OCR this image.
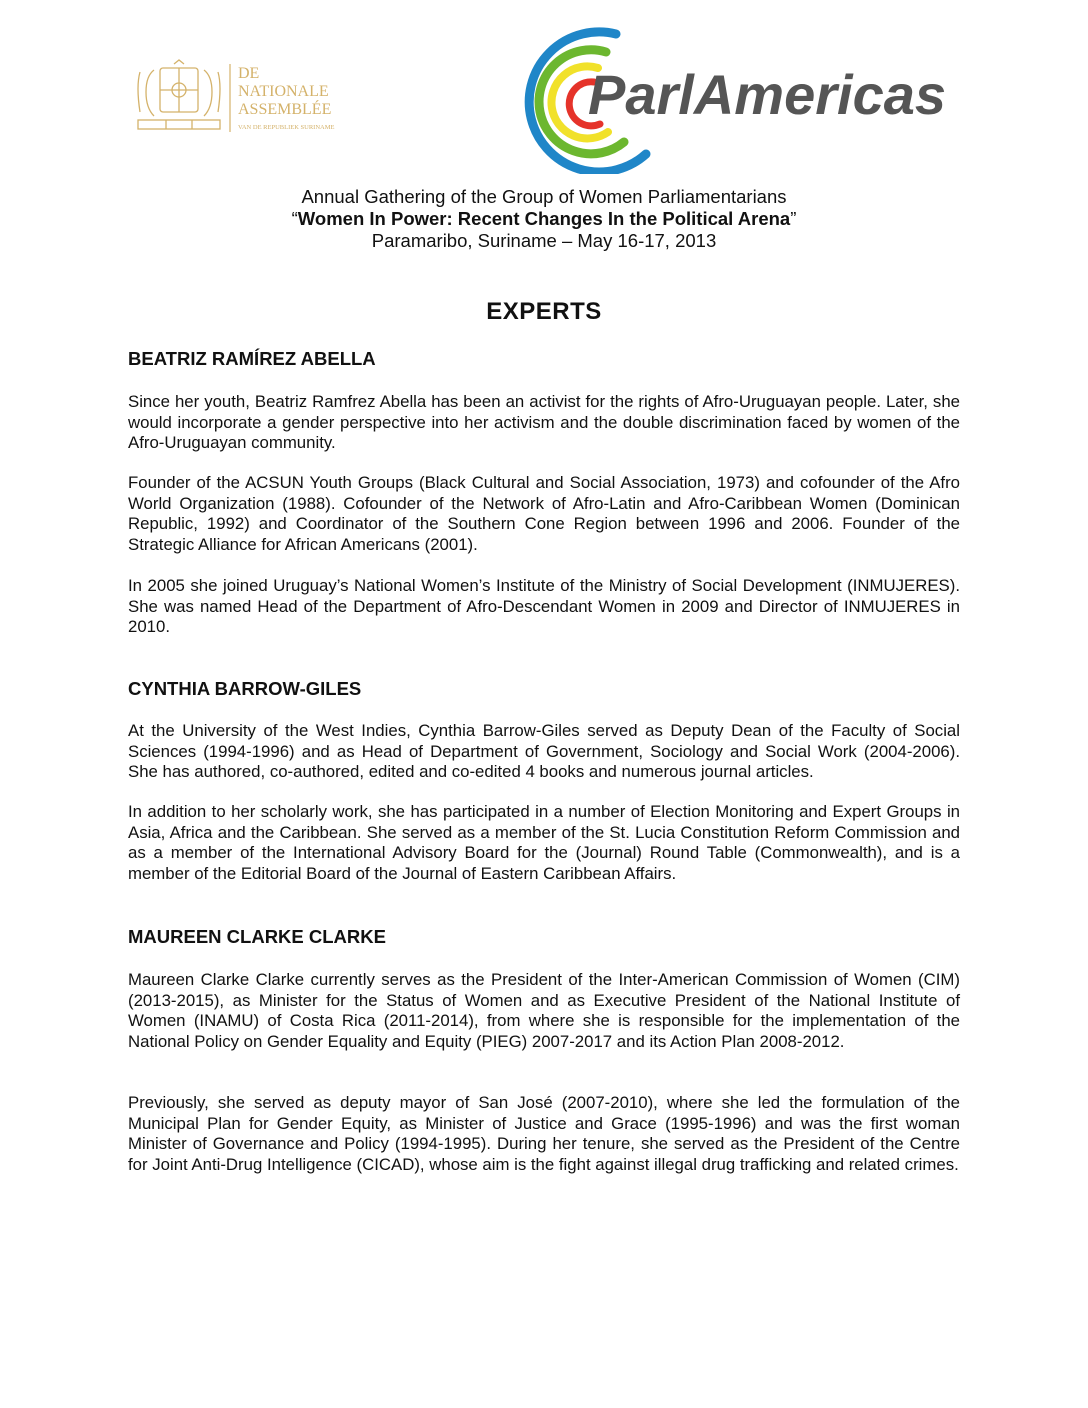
DE
NATIONALE
ASSEMBLÉE
VAN DE REPUBLIEK SURINAME
ParlAmericas
Annual Gathering of the Group of Women Parliamentarians
“Women In Power: Recent Changes In the Political Arena”
Paramaribo, Suriname – May 16-17, 2013
EXPERTS
BEATRIZ RAMÍREZ ABELLA

Since her youth, Beatriz Ramfrez Abella has been an activist for the rights of Afro-Uruguayan people. Later, she would incorporate a gender perspective into her activism and the double discrimination faced by women of the Afro-Uruguayan community.

Founder of the ACSUN Youth Groups (Black Cultural and Social Association, 1973) and cofounder of the Afro World Organization (1988). Cofounder of the Network of Afro-Latin and Afro-Caribbean Women (Dominican Republic, 1992) and Coordinator of the Southern Cone Region between 1996 and 2006. Founder of the Strategic Alliance for African Americans (2001).

In 2005 she joined Uruguay’s National Women’s Institute of the Ministry of Social Development (INMUJERES). She was named Head of the Department of Afro-Descendant Women in 2009 and Director of INMUJERES in 2010.

CYNTHIA BARROW-GILES

At the University of the West Indies, Cynthia Barrow-Giles served as Deputy Dean of the Faculty of Social Sciences (1994-1996) and as Head of Department of Government, Sociology and Social Work (2004-2006). She has authored, co-authored, edited and co-edited 4 books and numerous journal articles.

In addition to her scholarly work, she has participated in a number of Election Monitoring and Expert Groups in Asia, Africa and the Caribbean. She served as a member of the St. Lucia Constitution Reform Commission and as a member of the International Advisory Board for the (Journal) Round Table (Commonwealth), and is a member of the Editorial Board of the Journal of Eastern Caribbean Affairs.

MAUREEN CLARKE CLARKE

Maureen Clarke Clarke currently serves as the President of the Inter-American Commission of Women (CIM) (2013-2015), as Minister for the Status of Women and as Executive President of the National Institute of Women (INAMU) of Costa Rica (2011-2014), from where she is responsible for the implementation of the National Policy on Gender Equality and Equity (PIEG) 2007-2017 and its Action Plan 2008-2012.

Previously, she served as deputy mayor of San José (2007-2010), where she led the formulation of the Municipal Plan for Gender Equity, as Minister of Justice and Grace (1995-1996) and was the first woman Minister of Governance and Policy (1994-1995). During her tenure, she served as the President of the Centre for Joint Anti-Drug Intelligence (CICAD), whose aim is the fight against illegal drug trafficking and related crimes.
